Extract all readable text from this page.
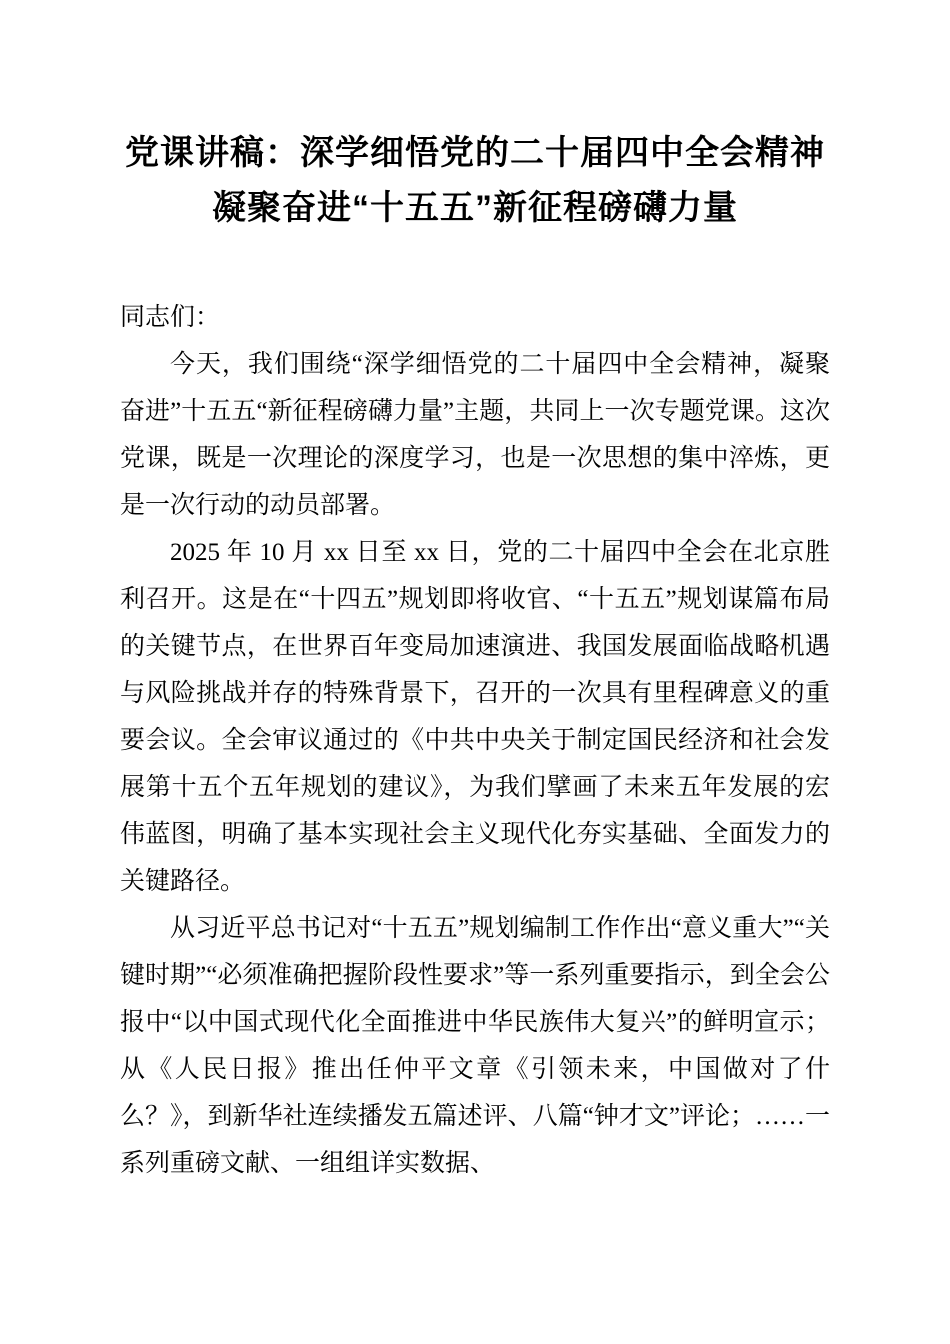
党课讲稿：深学细悟党的二十届四中全会精神
凝聚奋进“十五五”新征程磅礴力量

同志们：

今天，我们围绕“深学细悟党的二十届四中全会精神，凝聚奋进”十五五“新征程磅礴力量”主题，共同上一次专题党课。这次党课，既是一次理论的深度学习，也是一次思想的集中淬炼，更是一次行动的动员部署。

2025 年 10 月 xx 日至 xx 日，党的二十届四中全会在北京胜利召开。这是在“十四五”规划即将收官、“十五五”规划谋篇布局的关键节点，在世界百年变局加速演进、我国发展面临战略机遇与风险挑战并存的特殊背景下，召开的一次具有里程碑意义的重要会议。全会审议通过的《中共中央关于制定国民经济和社会发展第十五个五年规划的建议》，为我们擘画了未来五年发展的宏伟蓝图，明确了基本实现社会主义现代化夯实基础、全面发力的关键路径。

从习近平总书记对“十五五”规划编制工作作出“意义重大”“关键时期”“必须准确把握阶段性要求”等一系列重要指示，到全会公报中“以中国式现代化全面推进中华民族伟大复兴”的鲜明宣示；从《人民日报》推出任仲平文章《引领未来，中国做对了什么？》，到新华社连续播发五篇述评、八篇“钟才文”评论；……一系列重磅文献、一组组详实数据、
